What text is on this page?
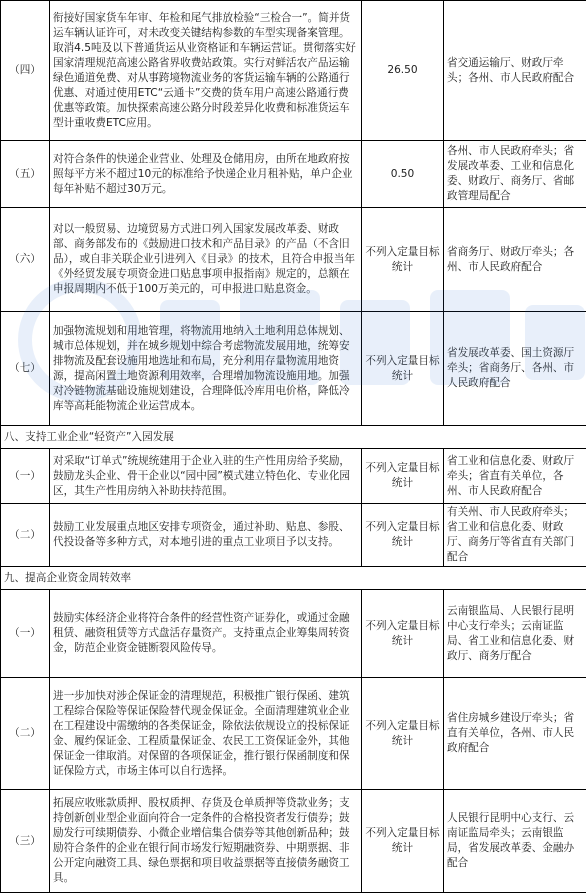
（四）	衔接好国家货车年审、年检和尾气排放检验“三检合一”。简并货运车辆认证许可，对未改变关键结构参数的车型实现备案管理。取消4.5吨及以下普通货运从业资格证和车辆运营证。贯彻落实好国家清理规范高速公路省界收费站政策。实行对鲜活农产品运输绿色通道免费、对从事跨境物流业务的客货运输车辆的公路通行优惠、对通过使用ETC“云通卡”交费的货车用户高速公路通行费优惠等政策。加快探索高速公路分时段差异化收费和标准货运车型计重收费ETC应用。	26.50	省交通运输厅、财政厅牵头；各州、市人民政府配合
（五）	对符合条件的快递企业营业、处理及仓储用房，由所在地政府按照每平方米不超过10元的标准给予快递企业月租补贴，单户企业每年补贴不超过30万元。	0.50	各州、市人民政府牵头；省发展改革委、工业和信息化委、财政厅、商务厅、省邮政管理局配合
（六）	对以一般贸易、边境贸易方式进口列入国家发展改革委、财政部、商务部发布的《鼓励进口技术和产品目录》的产品（不含旧品），或自非关联企业引进列入《目录》的技术，且符合申报当年《外经贸发展专项资金进口贴息事项申报指南》规定的，总额在申报周期内不低于100万美元的，可申报进口贴息资金。	不列入定量目标统计	省商务厅、财政厅牵头；各州、市人民政府配合
（七）	加强物流规划和用地管理，将物流用地纳入土地利用总体规划、城市总体规划，并在城乡规划中综合考虑物流发展用地，统筹安排物流及配套设施用地选址和布局，充分利用存量物流用地资源，提高闲置土地资源利用效率，合理增加物流设施用地。加强对冷链物流基础设施规划建设，合理降低冷库用电价格，降低冷库等高耗能物流企业运营成本。	不列入定量目标统计	省发展改革委、国土资源厅牵头；省商务厅、各州、市人民政府配合
八、支持工业企业“轻资产”入园发展			
（一）	对采取“订单式”统规统建用于企业入驻的生产性用房给予奖励，鼓励龙头企业、骨干企业以“园中园”模式建立特色化、专业化园区，其生产性用房纳入补助扶持范围。	不列入定量目标统计	省工业和信息化委、财政厅牵头；省直有关单位，各州、市人民政府配合
（二）	鼓励工业发展重点地区安排专项资金，通过补助、贴息、参股、代投设备等多种方式，对本地引进的重点工业项目予以支持。	不列入定量目标统计	有关州、市人民政府牵头；省工业和信息化委、财政厅、商务厅等省直有关部门配合
九、提高企业资金周转效率			
（一）	鼓励实体经济企业将符合条件的经营性资产证券化，或通过金融租赁、融资租赁等方式盘活存量资产。支持重点企业筹集周转资金，防范企业资金链断裂风险传导。	不列入定量目标统计	云南银监局、人民银行昆明中心支行牵头；云南证监局、省工业和信息化委、财政厅、商务厅配合
（二）	进一步加快对涉企保证金的清理规范，积极推广银行保函、建筑工程综合保险等保证保险替代现金保证金。全面清理建筑业企业在工程建设中需缴纳的各类保证金，除依法依规设立的投标保证金、履约保证金、工程质量保证金、农民工工资保证金外，其他保证金一律取消。对保留的各项保证金，推行银行保函制度和保证保险方式，市场主体可以自行选择。	不列入定量目标统计	省住房城乡建设厅牵头；省直有关单位，各州、市人民政府配合
（三）	拓展应收账款质押、股权质押、存货及仓单质押等贷款业务；支持创新创业型企业面向符合一定条件的合格投资者发行债券；鼓励发行可续期债券、小微企业增信集合债券等其他创新品种；鼓励符合条件的企业在银行间市场发行短期融资券、中期票据、非公开定向融资工具、绿色票据和项目收益票据等直接债务融资工具。	不列入定量目标统计	人民银行昆明中心支行、云南证监局牵头；云南银监局，省发展改革委、金融办配合
